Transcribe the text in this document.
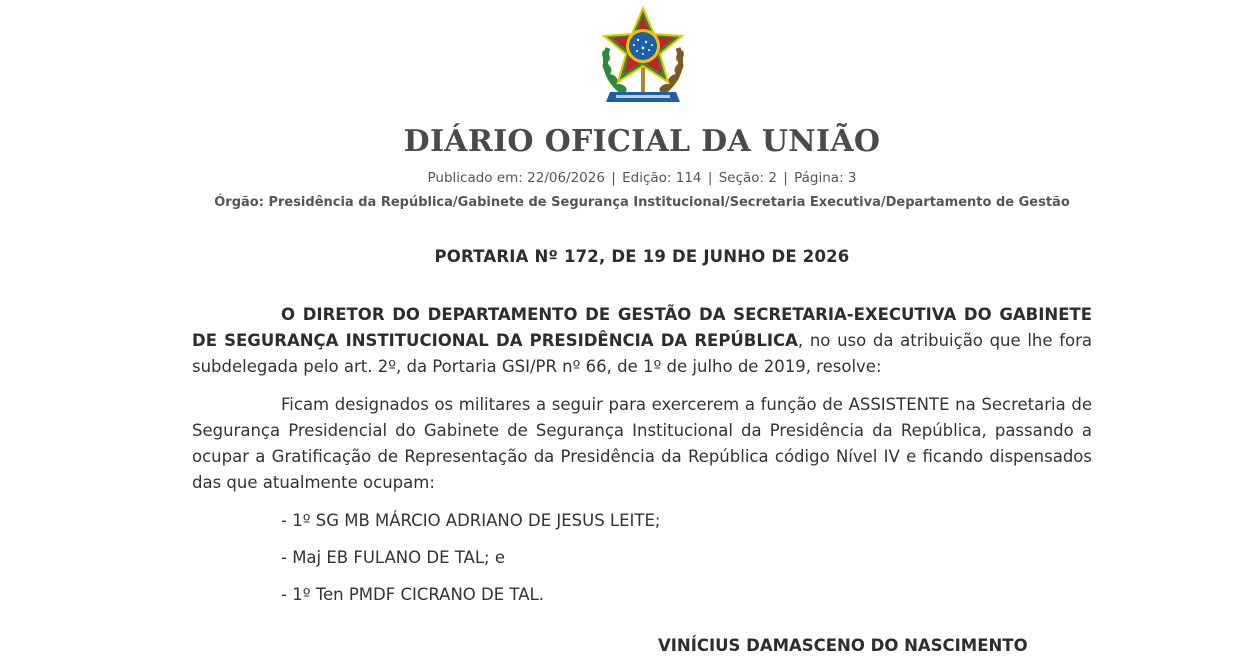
DIÁRIO OFICIAL DA UNIÃO
Publicado em: 22/06/2026 | Edição: 114 | Seção: 2 | Página: 3
Órgão: Presidência da República/Gabinete de Segurança Institucional/Secretaria Executiva/Departamento de Gestão
PORTARIA Nº 172, DE 19 DE JUNHO DE 2026

O DIRETOR DO DEPARTAMENTO DE GESTÃO DA SECRETARIA-EXECUTIVA DO GABINETE DE SEGURANÇA INSTITUCIONAL DA PRESIDÊNCIA DA REPÚBLICA, no uso da atribuição que lhe fora subdelegada pelo art. 2º, da Portaria GSI/PR nº 66, de 1º de julho de 2019, resolve:

Ficam designados os militares a seguir para exercerem a função de ASSISTENTE na Secretaria de Segurança Presidencial do Gabinete de Segurança Institucional da Presidência da República, passando a ocupar a Gratificação de Representação da Presidência da República código Nível IV e ficando dispensados das que atualmente ocupam:

- 1º SG MB MÁRCIO ADRIANO DE JESUS LEITE;
- Maj EB FULANO DE TAL; e
- 1º Ten PMDF CICRANO DE TAL.
VINÍCIUS DAMASCENO DO NASCIMENTO
